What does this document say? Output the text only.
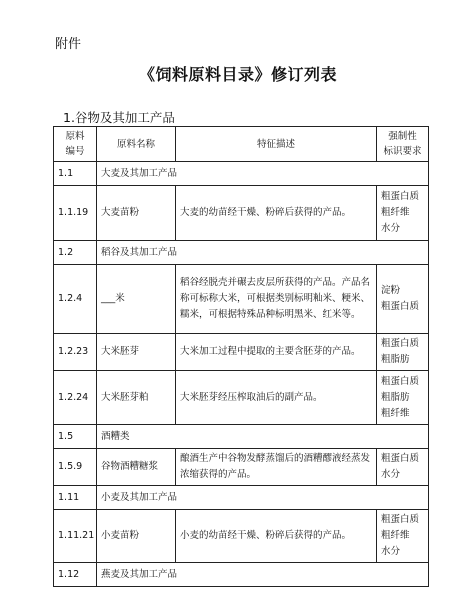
附件
《饲料原料目录》修订列表
1.谷物及其加工产品
原料
编号	原料名称	特征描述	强制性
标识要求

1.1	大麦及其加工产品		
1.1.19	大麦苗粉	大麦的幼苗经干燥、粉碎后获得的产品。	粗蛋白质
粗纤维
水分

1.2	稻谷及其加工产品		
1.2.4	___米	稻谷经脱壳并碾去皮层所获得的产品。产品名称可标称大米，可根据类别标明籼米、粳米、糯米，可根据特殊品种标明黑米、红米等。	淀粉
粗蛋白质

1.2.23	大米胚芽	大米加工过程中提取的主要含胚芽的产品。	粗蛋白质
粗脂肪

1.2.24	大米胚芽粕	大米胚芽经压榨取油后的副产品。	粗蛋白质
粗脂肪
粗纤维

1.5	酒糟类		
1.5.9	谷物酒糟糖浆	酿酒生产中谷物发酵蒸馏后的酒糟醪液经蒸发浓缩获得的产品。	粗蛋白质
水分

1.11	小麦及其加工产品		
1.11.21	小麦苗粉	小麦的幼苗经干燥、粉碎后获得的产品。	粗蛋白质
粗纤维
水分

1.12	燕麦及其加工产品		
